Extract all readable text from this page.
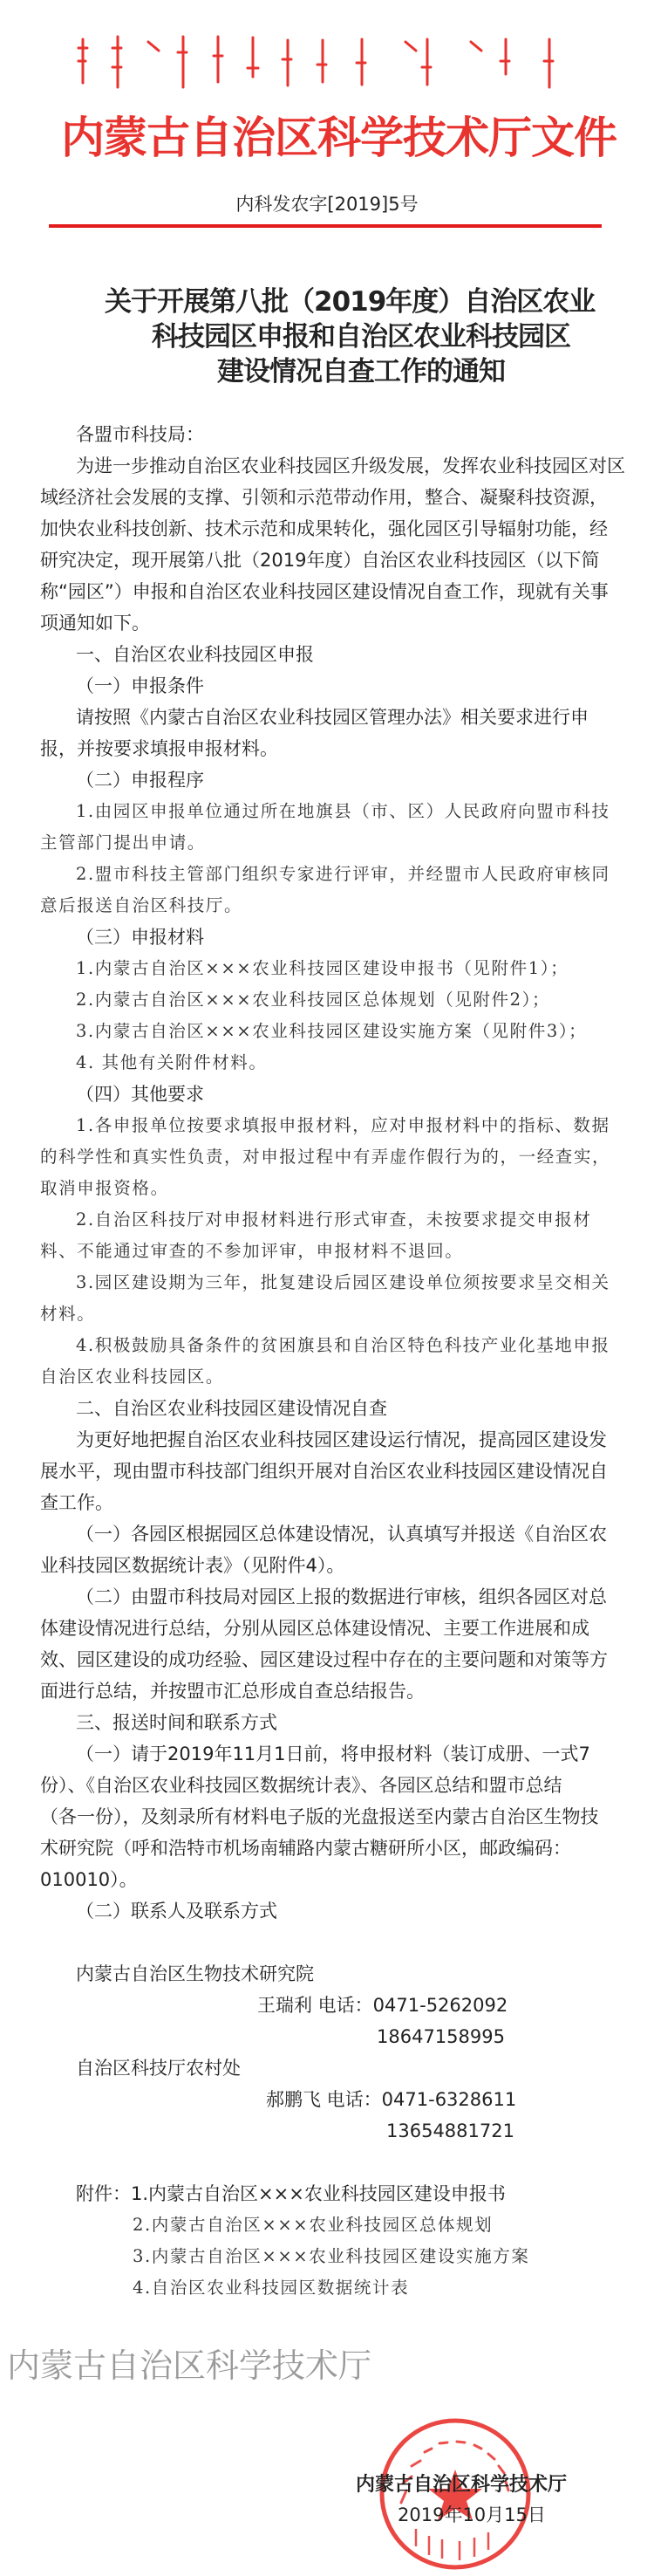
内蒙古自治区科学技术厅文件
内科发农字[2019]5号
关于开展第八批（2019年度）自治区农业
科技园区申报和自治区农业科技园区
建设情况自查工作的通知
各盟市科技局：
为进一步推动自治区农业科技园区升级发展，发挥农业科技园区对区
域经济社会发展的支撑、引领和示范带动作用，整合、凝聚科技资源，
加快农业科技创新、技术示范和成果转化，强化园区引导辐射功能，经
研究决定，现开展第八批（2019年度）自治区农业科技园区（以下简
称“园区”）申报和自治区农业科技园区建设情况自查工作，现就有关事
项通知如下。
一、自治区农业科技园区申报
（一）申报条件
请按照《内蒙古自治区农业科技园区管理办法》相关要求进行申
报，并按要求填报申报材料。
（二）申报程序
1.由园区申报单位通过所在地旗县（市、区）人民政府向盟市科技
主管部门提出申请。
2.盟市科技主管部门组织专家进行评审，并经盟市人民政府审核同
意后报送自治区科技厅。
（三）申报材料
1.内蒙古自治区×××农业科技园区建设申报书（见附件1）；
2.内蒙古自治区×××农业科技园区总体规划（见附件2）；
3.内蒙古自治区×××农业科技园区建设实施方案（见附件3）；
4. 其他有关附件材料。
（四）其他要求
1.各申报单位按要求填报申报材料，应对申报材料中的指标、数据
的科学性和真实性负责，对申报过程中有弄虚作假行为的，一经查实，
取消申报资格。
2.自治区科技厅对申报材料进行形式审查，未按要求提交申报材
料、不能通过审查的不参加评审，申报材料不退回。
3.园区建设期为三年，批复建设后园区建设单位须按要求呈交相关
材料。
4.积极鼓励具备条件的贫困旗县和自治区特色科技产业化基地申报
自治区农业科技园区。
二、自治区农业科技园区建设情况自查
为更好地把握自治区农业科技园区建设运行情况，提高园区建设发
展水平，现由盟市科技部门组织开展对自治区农业科技园区建设情况自
查工作。
（一）各园区根据园区总体建设情况，认真填写并报送《自治区农
业科技园区数据统计表》（见附件4）。
（二）由盟市科技局对园区上报的数据进行审核，组织各园区对总
体建设情况进行总结，分别从园区总体建设情况、主要工作进展和成
效、园区建设的成功经验、园区建设过程中存在的主要问题和对策等方
面进行总结，并按盟市汇总形成自查总结报告。
三、报送时间和联系方式
（一）请于2019年11月1日前，将申报材料（装订成册、一式7
份）、《自治区农业科技园区数据统计表》、各园区总结和盟市总结
（各一份），及刻录所有材料电子版的光盘报送至内蒙古自治区生物技
术研究院（呼和浩特市机场南辅路内蒙古糖研所小区，邮政编码：
010010）。
（二）联系人及联系方式
内蒙古自治区生物技术研究院
王瑞利 电话：0471-5262092
18647158995
自治区科技厅农村处
郝鹏飞 电话：0471-6328611
13654881721
附件：1.内蒙古自治区×××农业科技园区建设申报书
2.内蒙古自治区×××农业科技园区总体规划
3.内蒙古自治区×××农业科技园区建设实施方案
4.自治区农业科技园区数据统计表
内蒙古自治区科学技术厅
内蒙古自治区科学技术厅
2019年10月15日
